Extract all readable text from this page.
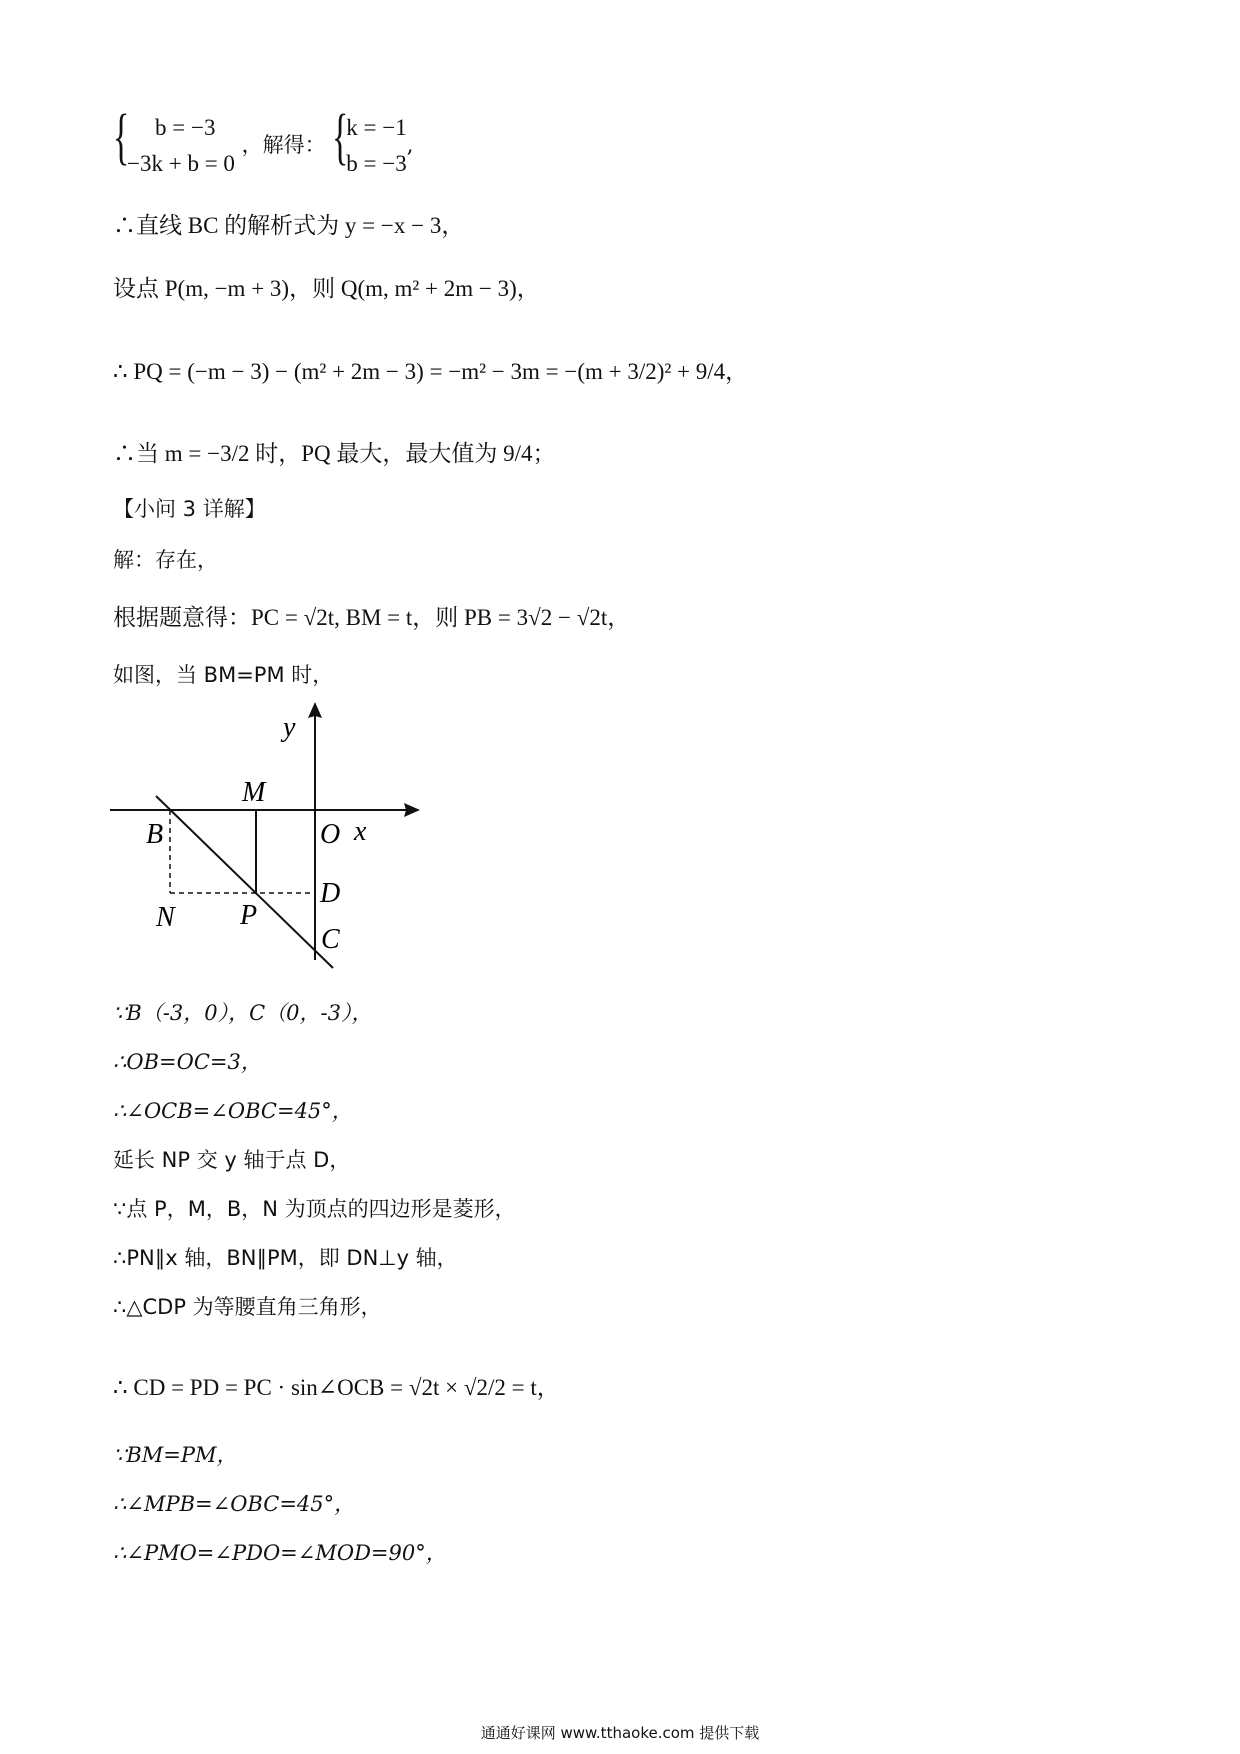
{	b = −3
−3k + b = 0
，解得： {
k = −1
b = −3
,
∴直线 BC 的解析式为 y = −x − 3，
设点 P(m, −m + 3)，则 Q(m, m² + 2m − 3)，
∴ PQ = (−m − 3) − (m² + 2m − 3) = −m² − 3m = −(m + 3/2)² + 9/4，
∴当 m = −3/2 时，PQ 最大，最大值为 9/4；
【小问 3 详解】
解：存在，
根据题意得：PC = √2t, BM = t，则 PB = 3√2 − √2t，
如图，当 BM=PM 时，
y
x
M
B	O
D
N P
C
∵B（-3，0），C（0，-3），
∴OB=OC=3，
∴∠OCB=∠OBC=45°，
延长 NP 交 y 轴于点 D，
∵点 P，M，B，N 为顶点的四边形是菱形，
∴PN∥x 轴，BN∥PM，即 DN⊥y 轴，
∴△CDP 为等腰直角三角形，
∴ CD = PD = PC · sin∠OCB = √2t × √2/2 = t，
∵BM=PM，
∴∠MPB=∠OBC=45°，
∴∠PMO=∠PDO=∠MOD=90°，
通通好课网 www.tthaoke.com 提供下载
